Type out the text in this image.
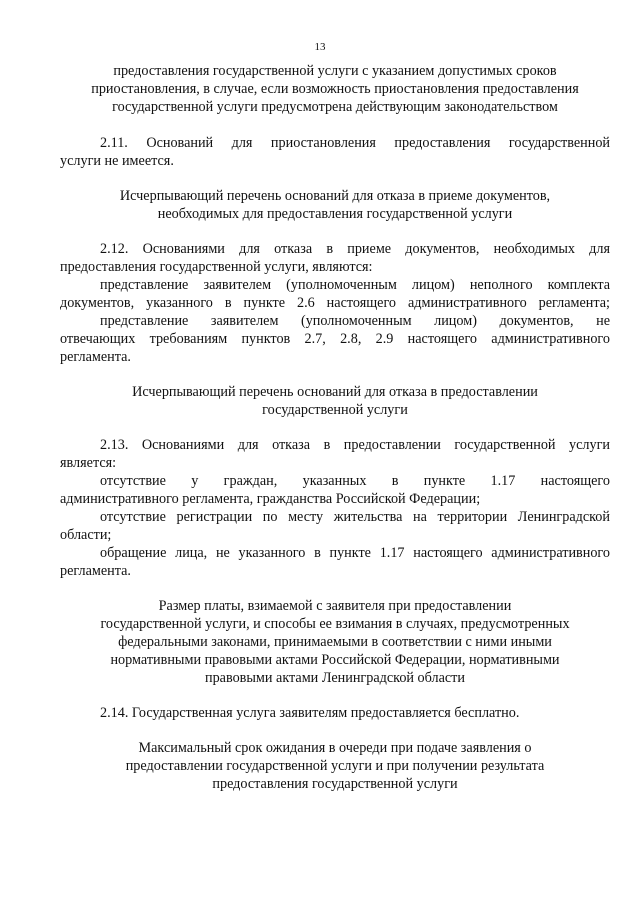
13
предоставления государственной услуги с указанием допустимых сроков
приостановления, в случае, если возможность приостановления предоставления
государственной услуги предусмотрена действующим законодательством
2.11. Оснований для приостановления предоставления государственной
услуги не имеется.
Исчерпывающий перечень оснований для отказа в приеме документов,
необходимых для предоставления государственной услуги
2.12. Основаниями для отказа в приеме документов, необходимых для
предоставления государственной услуги, являются:
представление заявителем (уполномоченным лицом) неполного комплекта
документов, указанного в пункте 2.6 настоящего административного регламента;
представление заявителем (уполномоченным лицом) документов, не
отвечающих требованиям пунктов 2.7, 2.8, 2.9 настоящего административного
регламента.
Исчерпывающий перечень оснований для отказа в предоставлении
государственной услуги
2.13. Основаниями для отказа в предоставлении государственной услуги
является:
отсутствие у граждан, указанных в пункте 1.17 настоящего
административного регламента, гражданства Российской Федерации;
отсутствие регистрации по месту жительства на территории Ленинградской
области;
обращение лица, не указанного в пункте 1.17 настоящего административного
регламента.
Размер платы, взимаемой с заявителя при предоставлении
государственной услуги, и способы ее взимания в случаях, предусмотренных
федеральными законами, принимаемыми в соответствии с ними иными
нормативными правовыми актами Российской Федерации, нормативными
правовыми актами Ленинградской области
2.14. Государственная услуга заявителям предоставляется бесплатно.
Максимальный срок ожидания в очереди при подаче заявления о
предоставлении государственной услуги и при получении результата
предоставления государственной услуги
